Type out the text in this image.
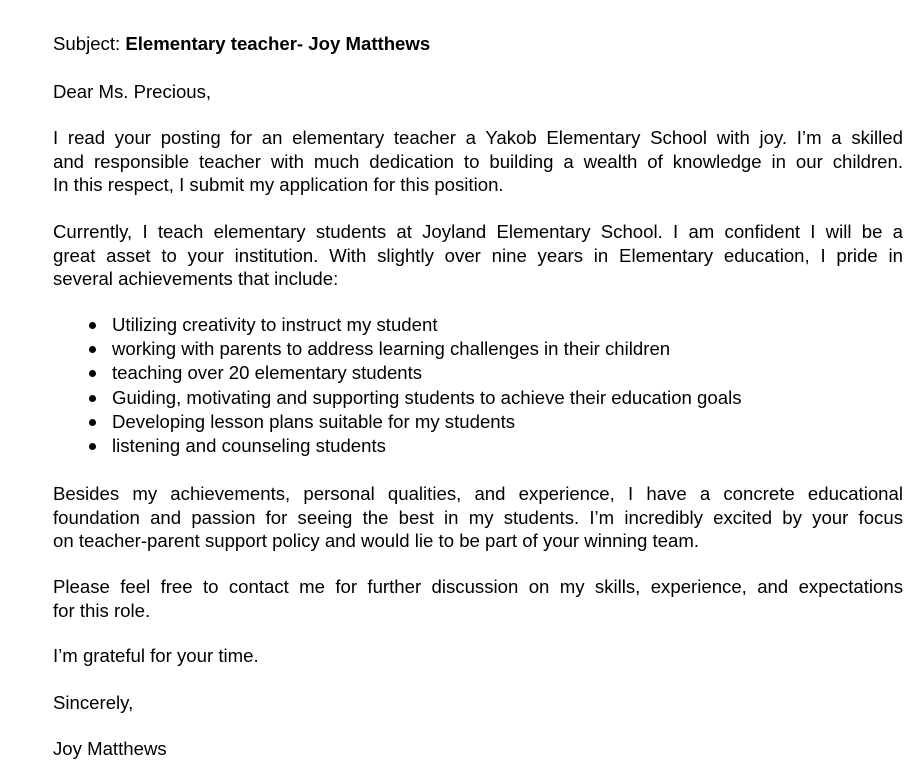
Subject: Elementary teacher- Joy Matthews
Dear Ms. Precious,
I read your posting for an elementary teacher a Yakob Elementary School with joy. I’m a skilled
and responsible teacher with much dedication to building a wealth of knowledge in our children.
In this respect, I submit my application for this position.
Currently, I teach elementary students at Joyland Elementary School. I am confident I will be a
great asset to your institution. With slightly over nine years in Elementary education, I pride in
several achievements that include:
Utilizing creativity to instruct my student
working with parents to address learning challenges in their children
teaching over 20 elementary students
Guiding, motivating and supporting students to achieve their education goals
Developing lesson plans suitable for my students
listening and counseling students
Besides my achievements, personal qualities, and experience, I have a concrete educational
foundation and passion for seeing the best in my students. I’m incredibly excited by your focus
on teacher-parent support policy and would lie to be part of your winning team.
Please feel free to contact me for further discussion on my skills, experience, and expectations
for this role.
I’m grateful for your time.
Sincerely,
Joy Matthews
